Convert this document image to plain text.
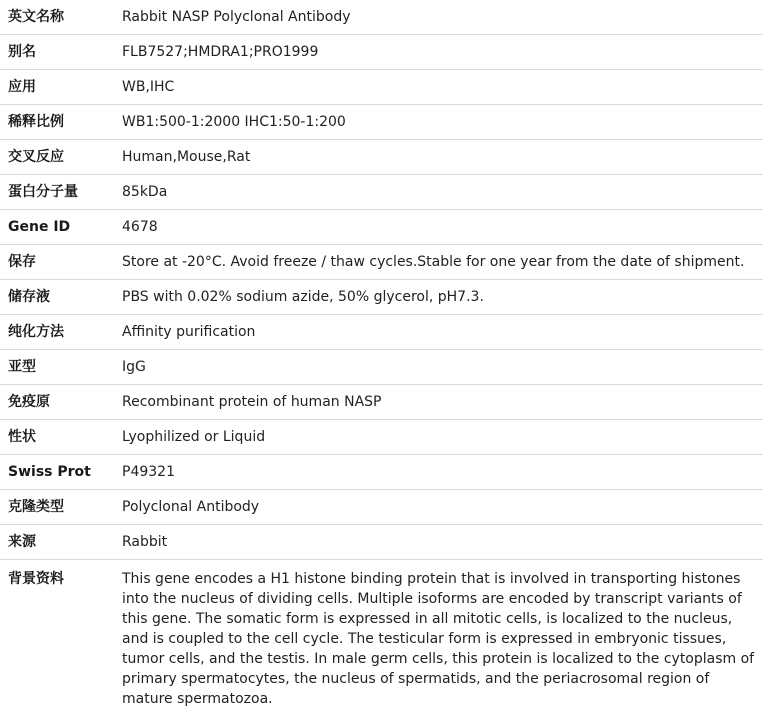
英文名称	Rabbit NASP Polyclonal Antibody
别名	FLB7527;HMDRA1;PRO1999
应用	WB,IHC
稀释比例	WB1:500-1:2000 IHC1:50-1:200
交叉反应	Human,Mouse,Rat
蛋白分子量	85kDa
Gene ID	4678
保存	Store at -20°C. Avoid freeze / thaw cycles.Stable for one year from the date of shipment.
储存液	PBS with 0.02% sodium azide, 50% glycerol, pH7.3.
纯化方法	Affinity purification
亚型	IgG
免疫原	Recombinant protein of human NASP
性状	Lyophilized or Liquid
Swiss Prot	P49321
克隆类型	Polyclonal Antibody
来源	Rabbit
背景资料	This gene encodes a H1 histone binding protein that is involved in transporting histones into the nucleus of dividing cells. Multiple isoforms are encoded by transcript variants of this gene. The somatic form is expressed in all mitotic cells, is localized to the nucleus, and is coupled to the cell cycle. The testicular form is expressed in embryonic tissues, tumor cells, and the testis. In male germ cells, this protein is localized to the cytoplasm of primary spermatocytes, the nucleus of spermatids, and the periacrosomal region of mature spermatozoa.
